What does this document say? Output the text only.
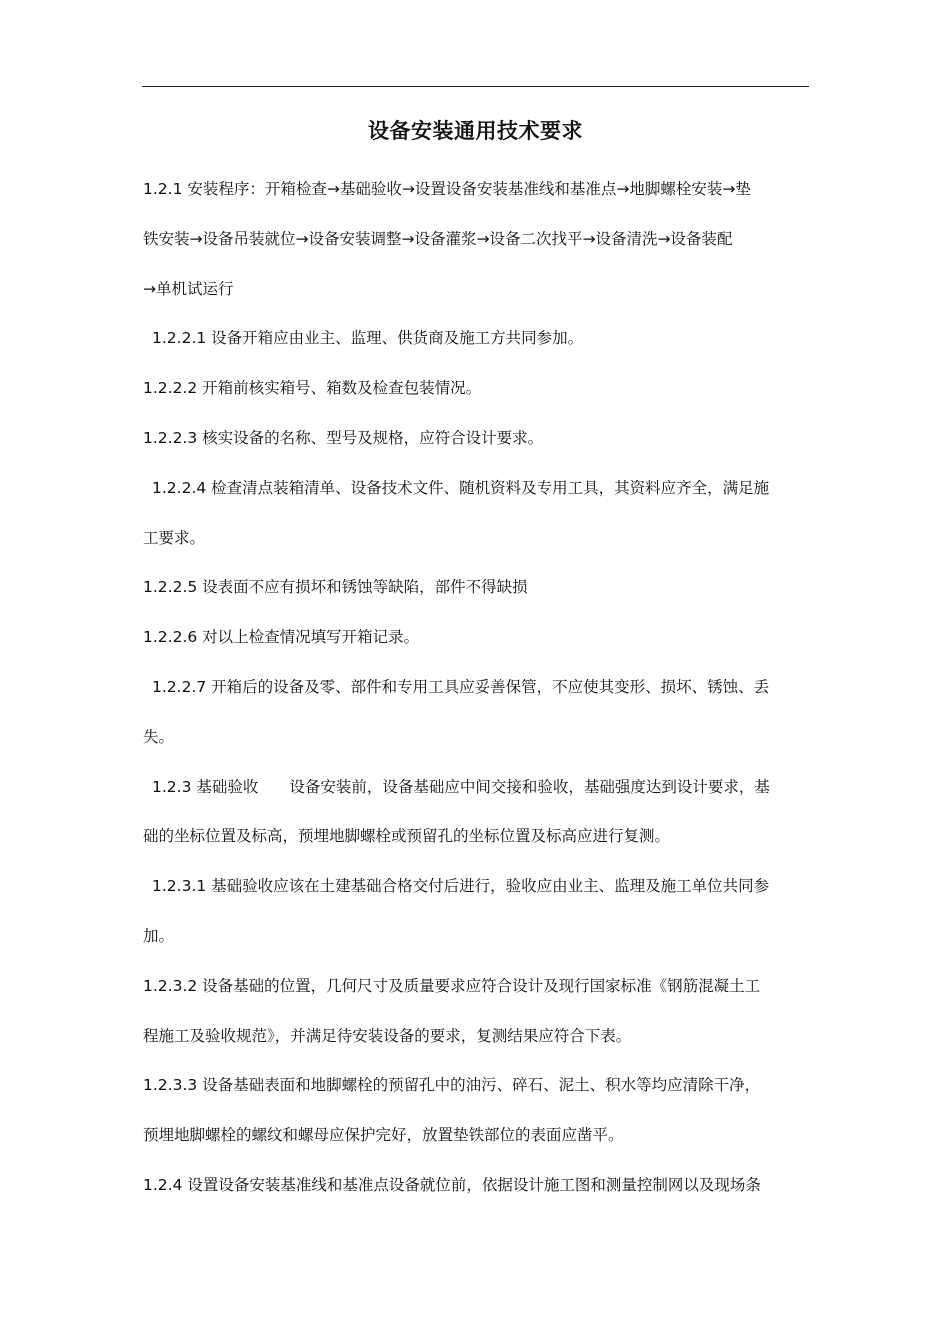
设备安装通用技术要求
1.2.1 安装程序：开箱检查→基础验收→设置设备安装基准线和基准点→地脚螺栓安装→垫
铁安装→设备吊装就位→设备安装调整→设备灌浆→设备二次找平→设备清洗→设备装配
→单机试运行
1.2.2.1 设备开箱应由业主、监理、供货商及施工方共同参加。
1.2.2.2 开箱前核实箱号、箱数及检查包装情况。
1.2.2.3 核实设备的名称、型号及规格，应符合设计要求。
1.2.2.4 检查清点装箱清单、设备技术文件、随机资料及专用工具，其资料应齐全，满足施
工要求。
1.2.2.5 设表面不应有损坏和锈蚀等缺陷，部件不得缺损
1.2.2.6 对以上检查情况填写开箱记录。
1.2.2.7 开箱后的设备及零、部件和专用工具应妥善保管，不应使其变形、损坏、锈蚀、丢
失。
1.2.3 基础验收　　设备安装前，设备基础应中间交接和验收，基础强度达到设计要求，基
础的坐标位置及标高，预埋地脚螺栓或预留孔的坐标位置及标高应进行复测。
1.2.3.1 基础验收应该在土建基础合格交付后进行，验收应由业主、监理及施工单位共同参
加。
1.2.3.2 设备基础的位置，几何尺寸及质量要求应符合设计及现行国家标准《钢筋混凝土工
程施工及验收规范》，并满足待安装设备的要求，复测结果应符合下表。
1.2.3.3 设备基础表面和地脚螺栓的预留孔中的油污、碎石、泥土、积水等均应清除干净，
预埋地脚螺栓的螺纹和螺母应保护完好，放置垫铁部位的表面应凿平。
1.2.4 设置设备安装基准线和基准点设备就位前，依据设计施工图和测量控制网以及现场条
